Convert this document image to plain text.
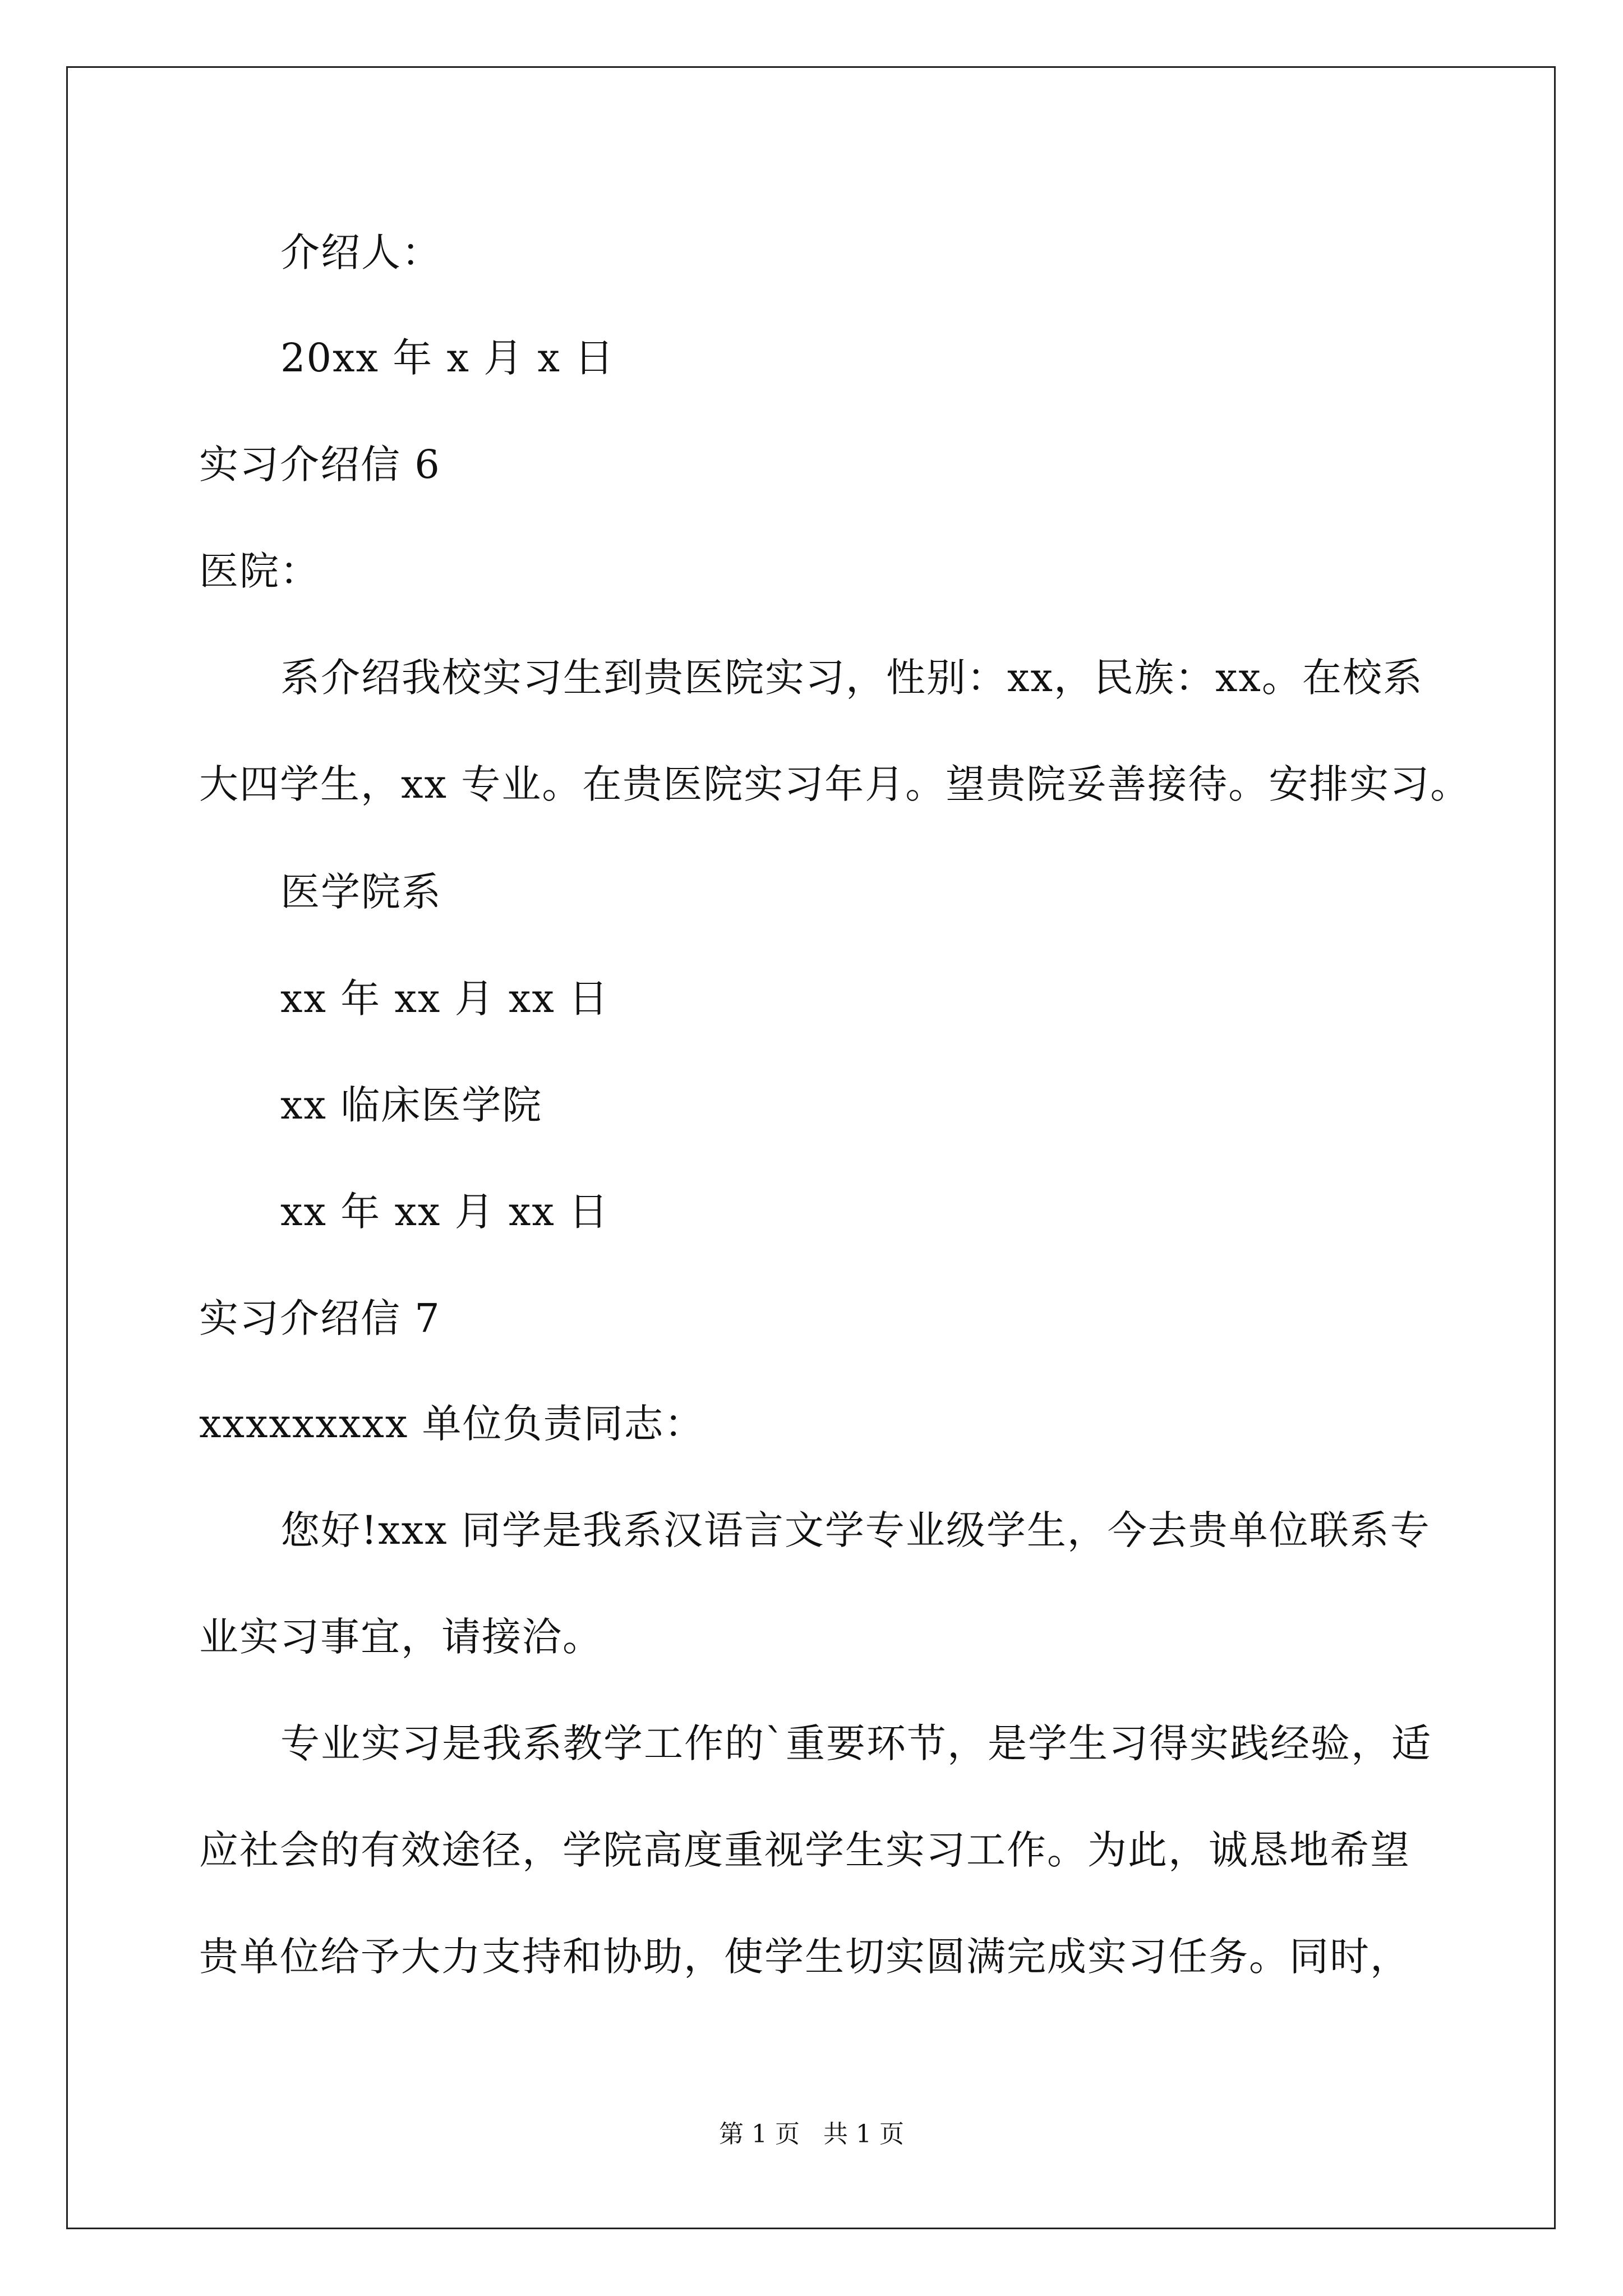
介绍人：
20xx 年 x 月 x 日
实习介绍信 6
医院：
系介绍我校实习生到贵医院实习，性别：xx，民族：xx。在校系
大四学生，xx 专业。在贵医院实习年月。望贵院妥善接待。安排实习。
医学院系
xx 年 xx 月 xx 日
xx 临床医学院
xx 年 xx 月 xx 日
实习介绍信 7
xxxxxxxxx 单位负责同志：
您好!xxx 同学是我系汉语言文学专业级学生，今去贵单位联系专
业实习事宜，请接洽。
专业实习是我系教学工作的`重要环节，是学生习得实践经验，适
应社会的有效途径，学院高度重视学生实习工作。为此，诚恳地希望
贵单位给予大力支持和协助，使学生切实圆满完成实习任务。同时，
第 1 页 共 1 页
